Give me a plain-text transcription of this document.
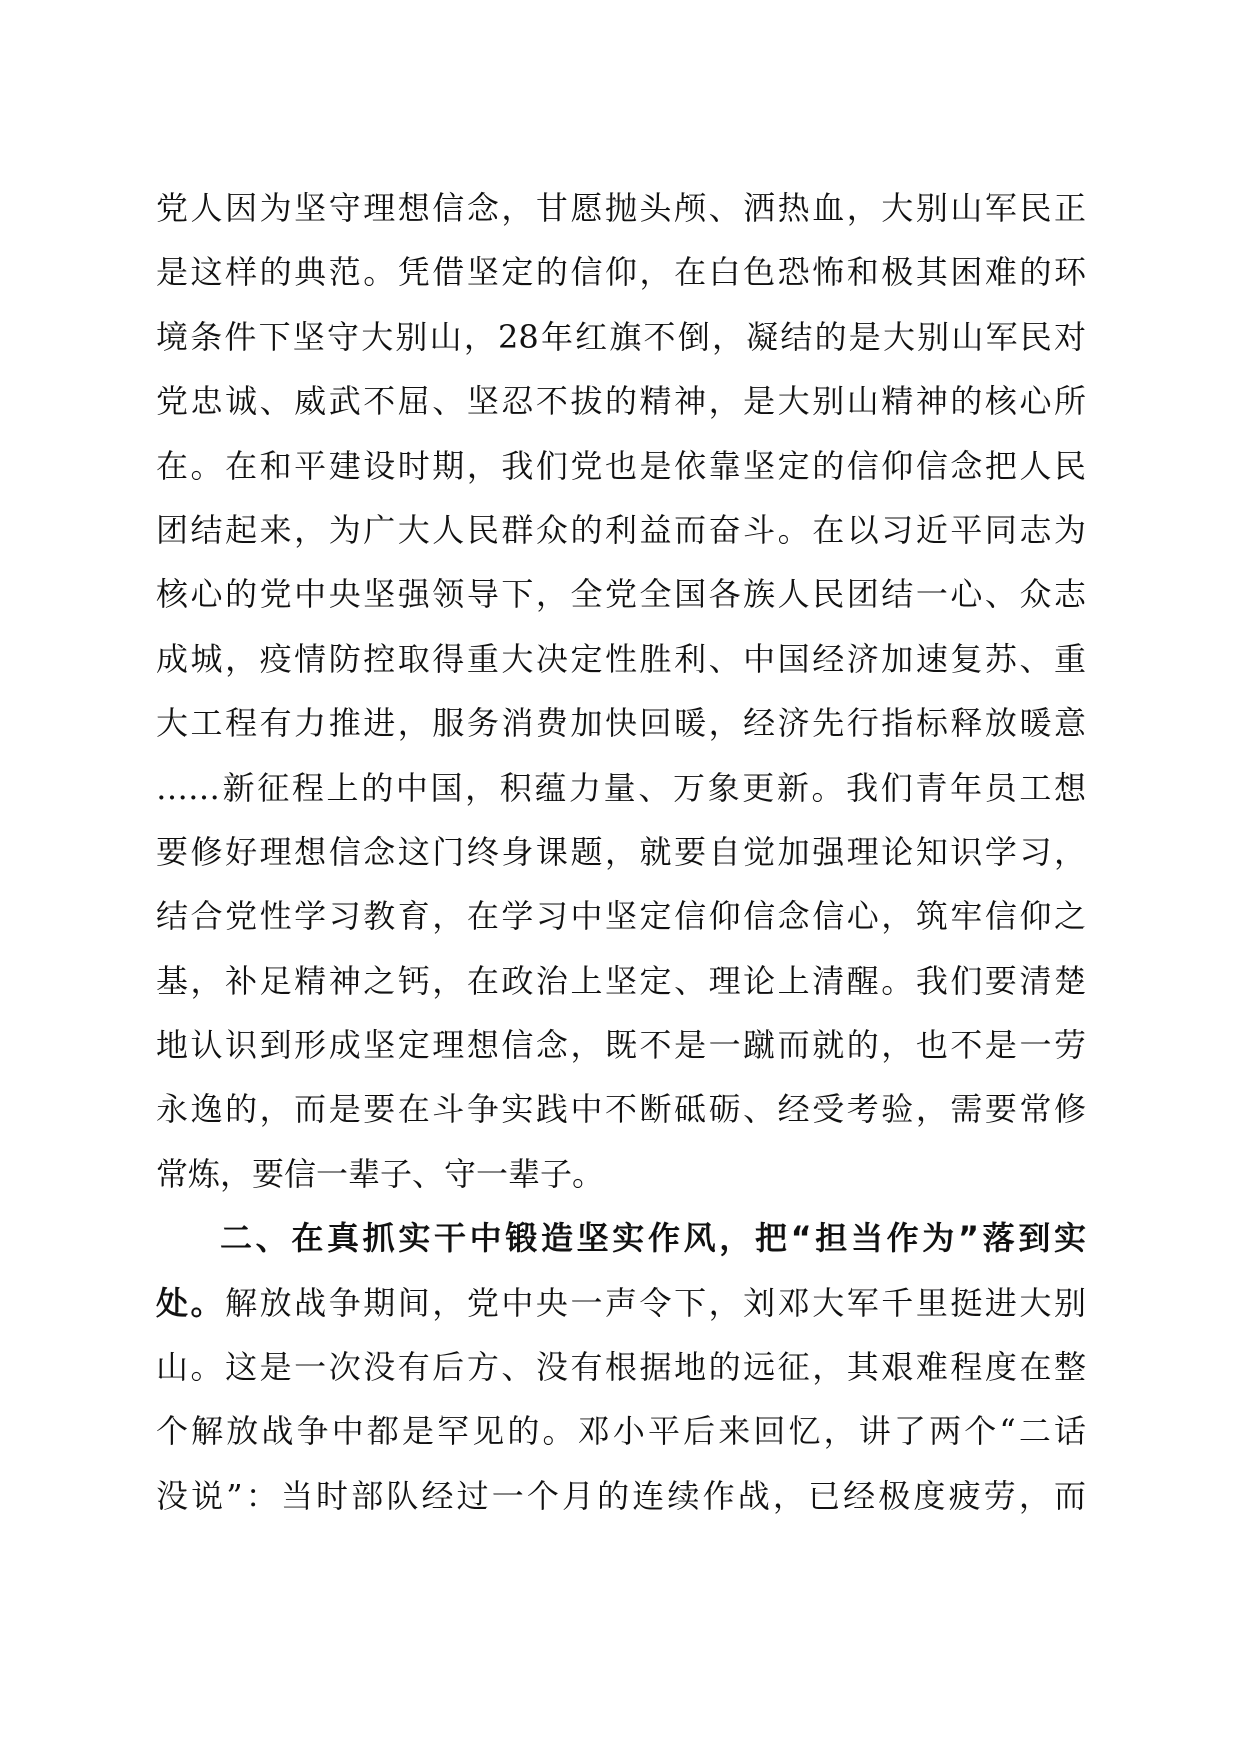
党人因为坚守理想信念，甘愿抛头颅、洒热血，大别山军民正
是这样的典范。凭借坚定的信仰，在白色恐怖和极其困难的环
境条件下坚守大别山，28年红旗不倒，凝结的是大别山军民对
党忠诚、威武不屈、坚忍不拔的精神，是大别山精神的核心所
在。在和平建设时期，我们党也是依靠坚定的信仰信念把人民
团结起来，为广大人民群众的利益而奋斗。在以习近平同志为
核心的党中央坚强领导下，全党全国各族人民团结一心、众志
成城，疫情防控取得重大决定性胜利、中国经济加速复苏、重
大工程有力推进，服务消费加快回暖，经济先行指标释放暖意
……新征程上的中国，积蕴力量、万象更新。我们青年员工想
要修好理想信念这门终身课题，就要自觉加强理论知识学习，
结合党性学习教育，在学习中坚定信仰信念信心，筑牢信仰之
基，补足精神之钙，在政治上坚定、理论上清醒。我们要清楚
地认识到形成坚定理想信念，既不是一蹴而就的，也不是一劳
永逸的，而是要在斗争实践中不断砥砺、经受考验，需要常修
常炼，要信一辈子、守一辈子。
二、在真抓实干中锻造坚实作风，把“担当作为”落到实
处。解放战争期间，党中央一声令下，刘邓大军千里挺进大别
山。这是一次没有后方、没有根据地的远征，其艰难程度在整
个解放战争中都是罕见的。邓小平后来回忆，讲了两个“二话
没说”：当时部队经过一个月的连续作战，已经极度疲劳，而
